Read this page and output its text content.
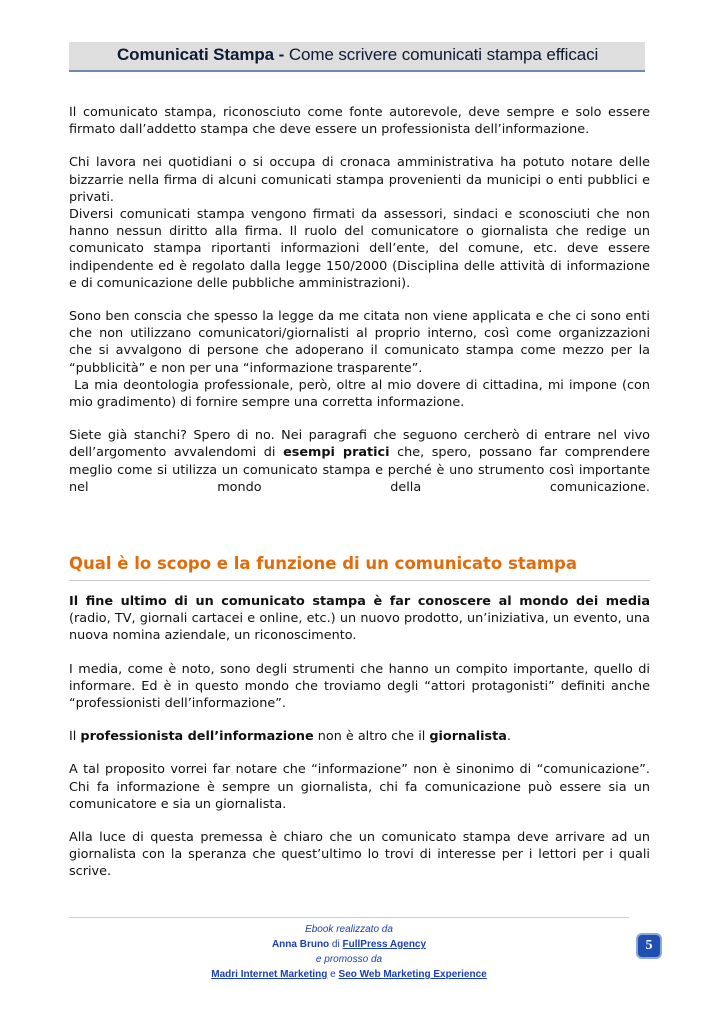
Comunicati Stampa - Come scrivere comunicati stampa efficaci

Il comunicato stampa, riconosciuto come fonte autorevole, deve sempre e solo essere firmato dall’addetto stampa che deve essere un professionista dell’informazione.

Chi lavora nei quotidiani o si occupa di cronaca amministrativa ha potuto notare delle bizzarrie nella firma di alcuni comunicati stampa provenienti da municipi o enti pubblici e privati.

Diversi comunicati stampa vengono firmati da assessori, sindaci e sconosciuti che non hanno nessun diritto alla firma. Il ruolo del comunicatore o giornalista che redige un comunicato stampa riportanti informazioni dell’ente, del comune, etc. deve essere indipendente ed è regolato dalla legge 150/2000 (Disciplina delle attività di informazione e di comunicazione delle pubbliche amministrazioni).

Sono ben conscia che spesso la legge da me citata non viene applicata e che ci sono enti che non utilizzano comunicatori/giornalisti al proprio interno, così come organizzazioni che si avvalgono di persone che adoperano il comunicato stampa come mezzo per la “pubblicità” e non per una “informazione trasparente”.

La mia deontologia professionale, però, oltre al mio dovere di cittadina, mi impone (con mio gradimento) di fornire sempre una corretta informazione.

Siete già stanchi? Spero di no. Nei paragrafi che seguono cercherò di entrare nel vivo dell’argomento avvalendomi di esempi pratici che, spero, possano far comprendere meglio come si utilizza un comunicato stampa e perché è uno strumento così importante nel mondo della comunicazione.

Qual è lo scopo e la funzione di un comunicato stampa

Il fine ultimo di un comunicato stampa è far conoscere al mondo dei media (radio, TV, giornali cartacei e online, etc.) un nuovo prodotto, un’iniziativa, un evento, una nuova nomina aziendale, un riconoscimento.

I media, come è noto, sono degli strumenti che hanno un compito importante, quello di informare. Ed è in questo mondo che troviamo degli “attori protagonisti” definiti anche “professionisti dell’informazione”.

Il professionista dell’informazione non è altro che il giornalista.

A tal proposito vorrei far notare che “informazione” non è sinonimo di “comunicazione”. Chi fa informazione è sempre un giornalista, chi fa comunicazione può essere sia un comunicatore e sia un giornalista.

Alla luce di questa premessa è chiaro che un comunicato stampa deve arrivare ad un giornalista con la speranza che quest’ultimo lo trovi di interesse per i lettori per i quali scrive.

Ebook realizzato da
Anna Bruno di FullPress Agency
e promosso da
Madri Internet Marketing e Seo Web Marketing Experience
5
